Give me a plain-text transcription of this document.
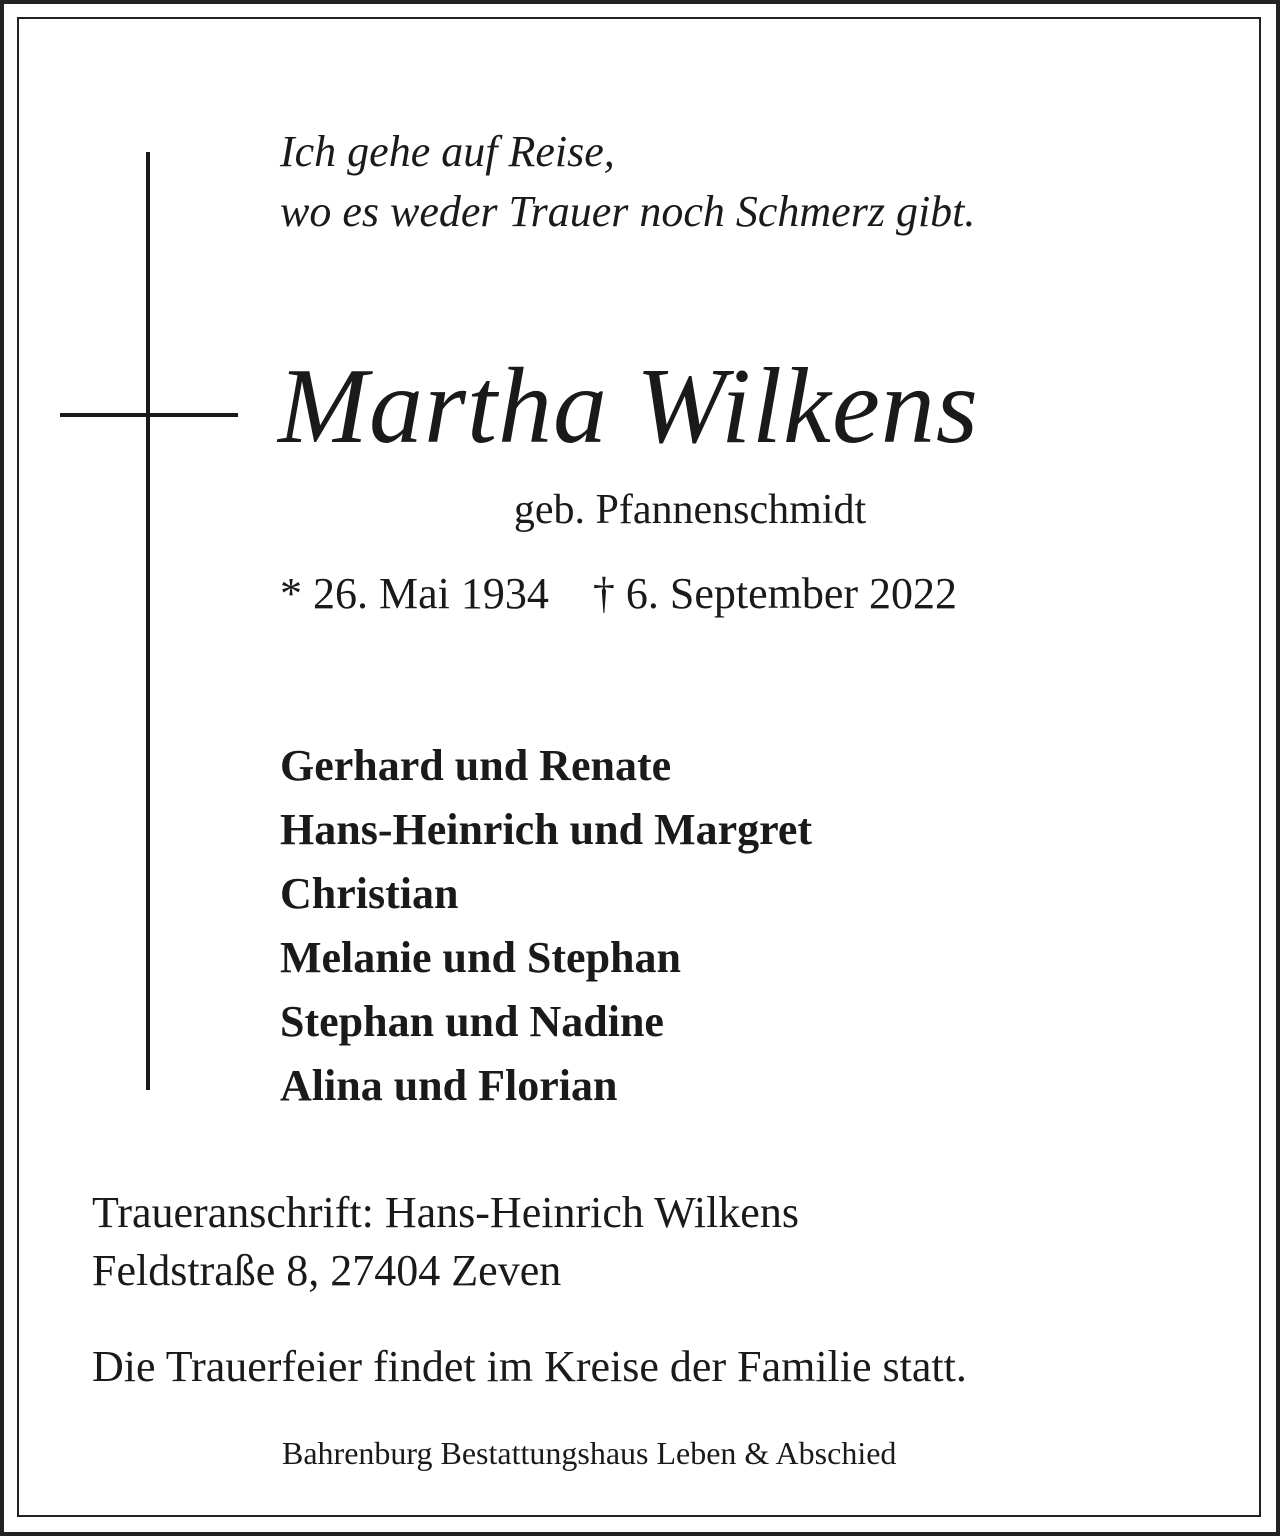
Ich gehe auf Reise,
wo es weder Trauer noch Schmerz gibt.
Martha Wilkens
geb. Pfannenschmidt
* 26. Mai 1934 † 6. September 2022
Gerhard und Renate
Hans-Heinrich und Margret
Christian
Melanie und Stephan
Stephan und Nadine
Alina und Florian
Traueranschrift: Hans-Heinrich Wilkens
Feldstraße 8, 27404 Zeven
Die Trauerfeier findet im Kreise der Familie statt.
Bahrenburg Bestattungshaus Leben & Abschied
